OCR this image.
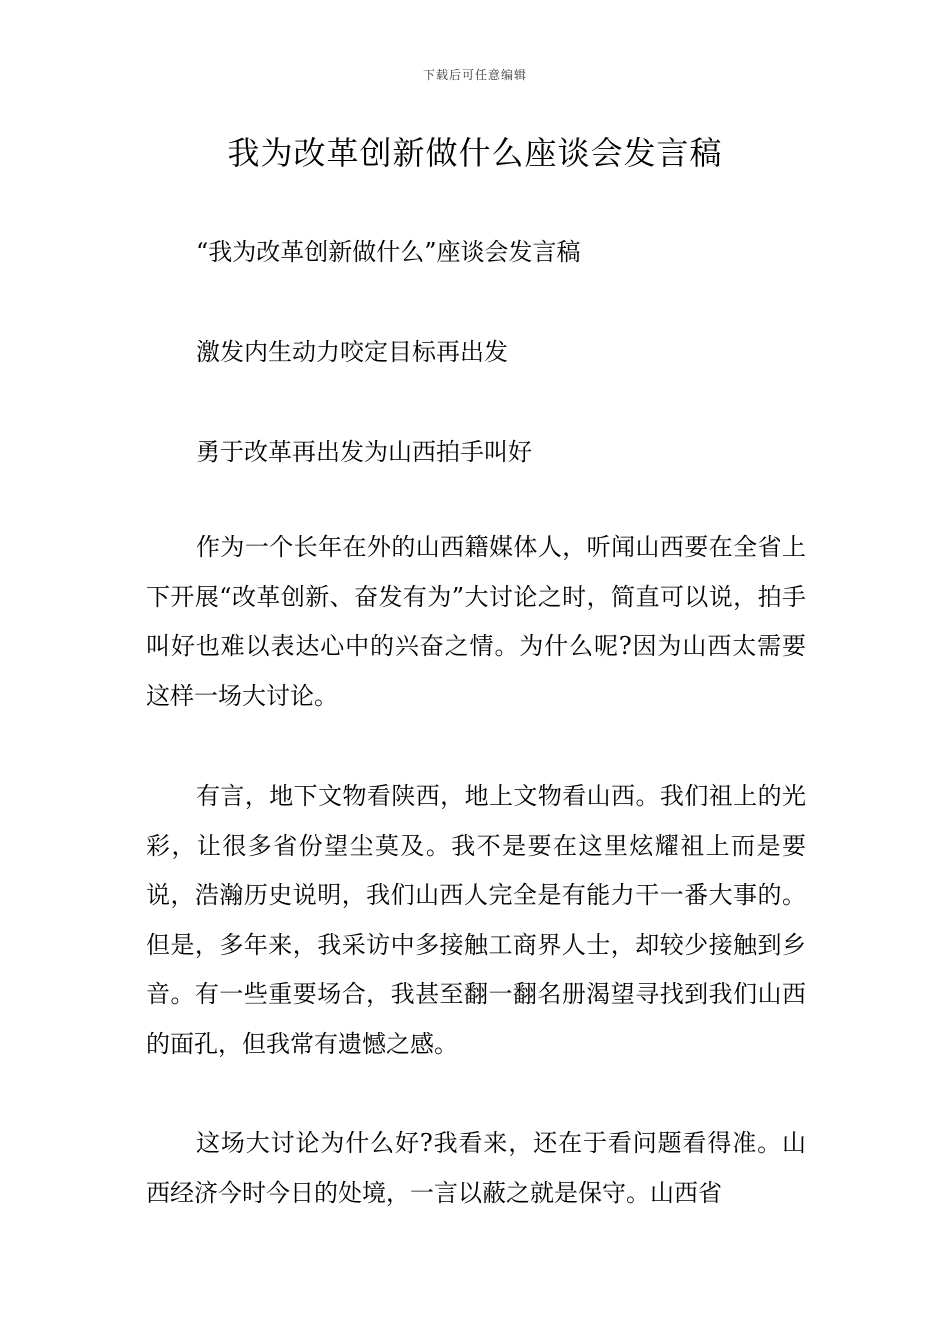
下载后可任意编辑
我为改革创新做什么座谈会发言稿
“我为改革创新做什么”座谈会发言稿
激发内生动力咬定目标再出发
勇于改革再出发为山西拍手叫好

作为一个长年在外的山西籍媒体人，听闻山西要在全省上下开展“改革创新、奋发有为”大讨论之时，简直可以说，拍手叫好也难以表达心中的兴奋之情。为什么呢?因为山西太需要这样一场大讨论。

有言，地下文物看陕西，地上文物看山西。我们祖上的光彩，让很多省份望尘莫及。我不是要在这里炫耀祖上而是要说，浩瀚历史说明，我们山西人完全是有能力干一番大事的。但是，多年来，我采访中多接触工商界人士，却较少接触到乡音。有一些重要场合，我甚至翻一翻名册渴望寻找到我们山西的面孔，但我常有遗憾之感。

这场大讨论为什么好?我看来，还在于看问题看得准。山西经济今时今日的处境，一言以蔽之就是保守。山西省
